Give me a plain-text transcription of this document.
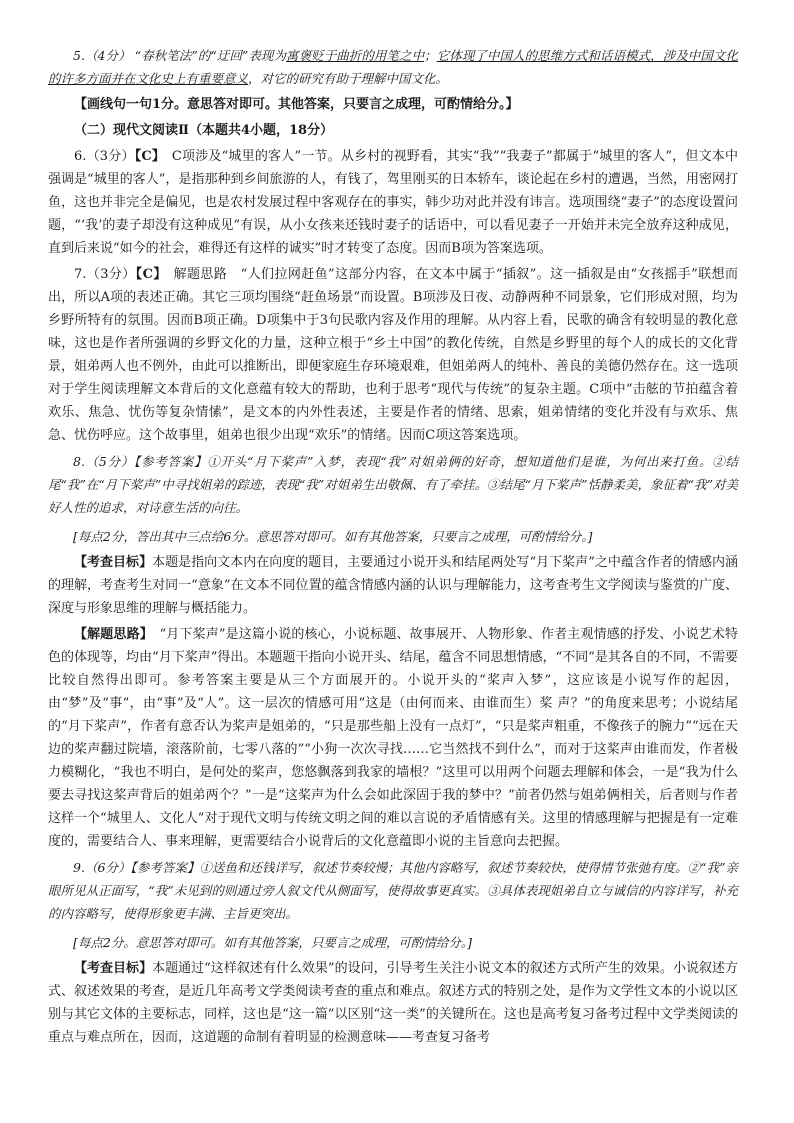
5.（4分） “春秋笔法”的“迂回”表现为寓褒贬于曲折的用笔之中；它体现了中国人的思维方式和话语模式，涉及中国文化的许多方面并在文化史上有重要意义，对它的研究有助于理解中国文化。

【画线句一句1分。意思答对即可。其他答案，只要言之成理，可酌情给分。】

（二）现代文阅读Ⅱ（本题共4小题，18分）

6.（3分）【C】　C项涉及“城里的客人”一节。从乡村的视野看，其实“我”“我妻子”都属于“城里的客人”，但文本中强调是“城里的客人”，是指那种到乡间旅游的人，有钱了，驾里刚买的日本轿车，谈论起在乡村的遭遇，当然，用密网打鱼，这也并非完全是偏见，也是农村发展过程中客观存在的事实，韩少功对此并没有讳言。选项围绕“妻子”的态度设置问题，“‘我’的妻子却没有这种成见”有误，从小女孩来还钱时妻子的话语中，可以看见妻子一开始并未完全放弃这种成见，直到后来说“如今的社会，难得还有这样的诚实”时才转变了态度。因而B项为答案选项。

7.（3分）【C】　解题思路　“人们拉网赶鱼”这部分内容，在文本中属于“插叙”。这一插叙是由“女孩摇手”联想而出，所以A项的表述正确。其它三项均围绕“赶鱼场景”而设置。B项涉及日夜、动静两种不同景象，它们形成对照，均为乡野所特有的氛围。因而B项正确。D项集中于3句民歌内容及作用的理解。从内容上看，民歌的确含有较明显的教化意味，这也是作者所强调的乡野文化的力量，这种立根于“乡土中国”的教化传统，自然是乡野里的每个人的成长的文化背景，姐弟两人也不例外，由此可以推断出，即便家庭生存环境艰难，但姐弟两人的纯朴、善良的美德仍然存在。这一选项对于学生阅读理解文本背后的文化意蕴有较大的帮助，也利于思考“现代与传统”的复杂主题。C项中“击舷的节拍蕴含着欢乐、焦急、忧伤等复杂情愫”，是文本的内外性表述，主要是作者的情绪、思索，姐弟情绪的变化并没有与欢乐、焦急、忧伤呼应。这个故事里，姐弟也很少出现“欢乐”的情绪。因而C项这答案选项。

8.（5分）【参考答案】①开头“月下桨声”入梦，表现“我”对姐弟俩的好奇，想知道他们是谁，为何出来打鱼。②结尾“我”在“月下桨声”中寻找姐弟的踪迹，表现“我”对姐弟生出敬佩、有了牵挂。③结尾“月下桨声”恬静柔美，象征着“我”对美好人性的追求，对诗意生活的向往。

[每点2分，答出其中三点给6分。意思答对即可。如有其他答案，只要言之成理，可酌情给分。]

【考查目标】本题是指向文本内在向度的题目，主要通过小说开头和结尾两处写“月下桨声”之中蕴含作者的情感内涵的理解，考查考生对同一“意象”在文本不同位置的蕴含情感内涵的认识与理解能力，这考查考生文学阅读与鉴赏的广度、深度与形象思维的理解与概括能力。

【解题思路】　“月下桨声”是这篇小说的核心，小说标题、故事展开、人物形象、作者主观情感的抒发、小说艺术特色的体现等，均由“月下桨声”得出。本题题干指向小说开头、结尾，蕴含不同思想情感，“不同”是其各自的不同，不需要比较自然得出即可。参考答案主要是从三个方面展开的。小说开头的“桨声入梦”，这应该是小说写作的起因，由“梦”及“事”，由“事”及“人”。这一层次的情感可用“这是（由何而来、由谁而生）桨 声？”的角度来思考；小说结尾的“月下桨声”，作者有意否认为桨声是姐弟的，“只是那些船上没有一点灯”，“只是桨声粗重，不像孩子的腕力”“远在天边的桨声翻过院墙，滚落阶前，七零八落的”“小狗一次次寻找……它当然找不到什么”，而对于这桨声由谁而发，作者极力模糊化，“我也不明白，是何处的桨声，您悠飘落到我家的墙根？”这里可以用两个问题去理解和体会，一是“我为什么要去寻找这桨声背后的姐弟两个？”一是“这桨声为什么会如此深固于我的梦中？”前者仍然与姐弟俩相关，后者则与作者这样一个“城里人、文化人”对于现代文明与传统文明之间的难以言说的矛盾情感有关。这里的情感理解与把握是有一定难度的，需要结合人、事来理解，更需要结合小说背后的文化意蕴即小说的主旨意向去把握。

9.（6分）【参考答案】①送鱼和还钱详写，叙述节奏较慢；其他内容略写，叙述节奏较快，使得情节张弛有度。②“我”亲眼所见从正面写，“我”未见到的则通过旁人叙文代从侧面写，使得故事更真实。③具体表现姐弟自立与诚信的内容详写，补充的内容略写，使得形象更丰满、主旨更突出。

[每点2分。意思答对即可。如有其他答案，只要言之成理，可酌情给分。]

【考查目标】本题通过“这样叙述有什么效果”的设问，引导考生关注小说文本的叙述方式所产生的效果。小说叙述方式、叙述效果的考查，是近几年高考文学类阅读考查的重点和难点。叙述方式的特别之处，是作为文学性文本的小说以区别与其它文体的主要标志，同样，这也是“这一篇”以区别“这一类”的关键所在。这也是高考复习备考过程中文学类阅读的重点与难点所在，因而，这道题的命制有着明显的检测意味——考查复习备考
